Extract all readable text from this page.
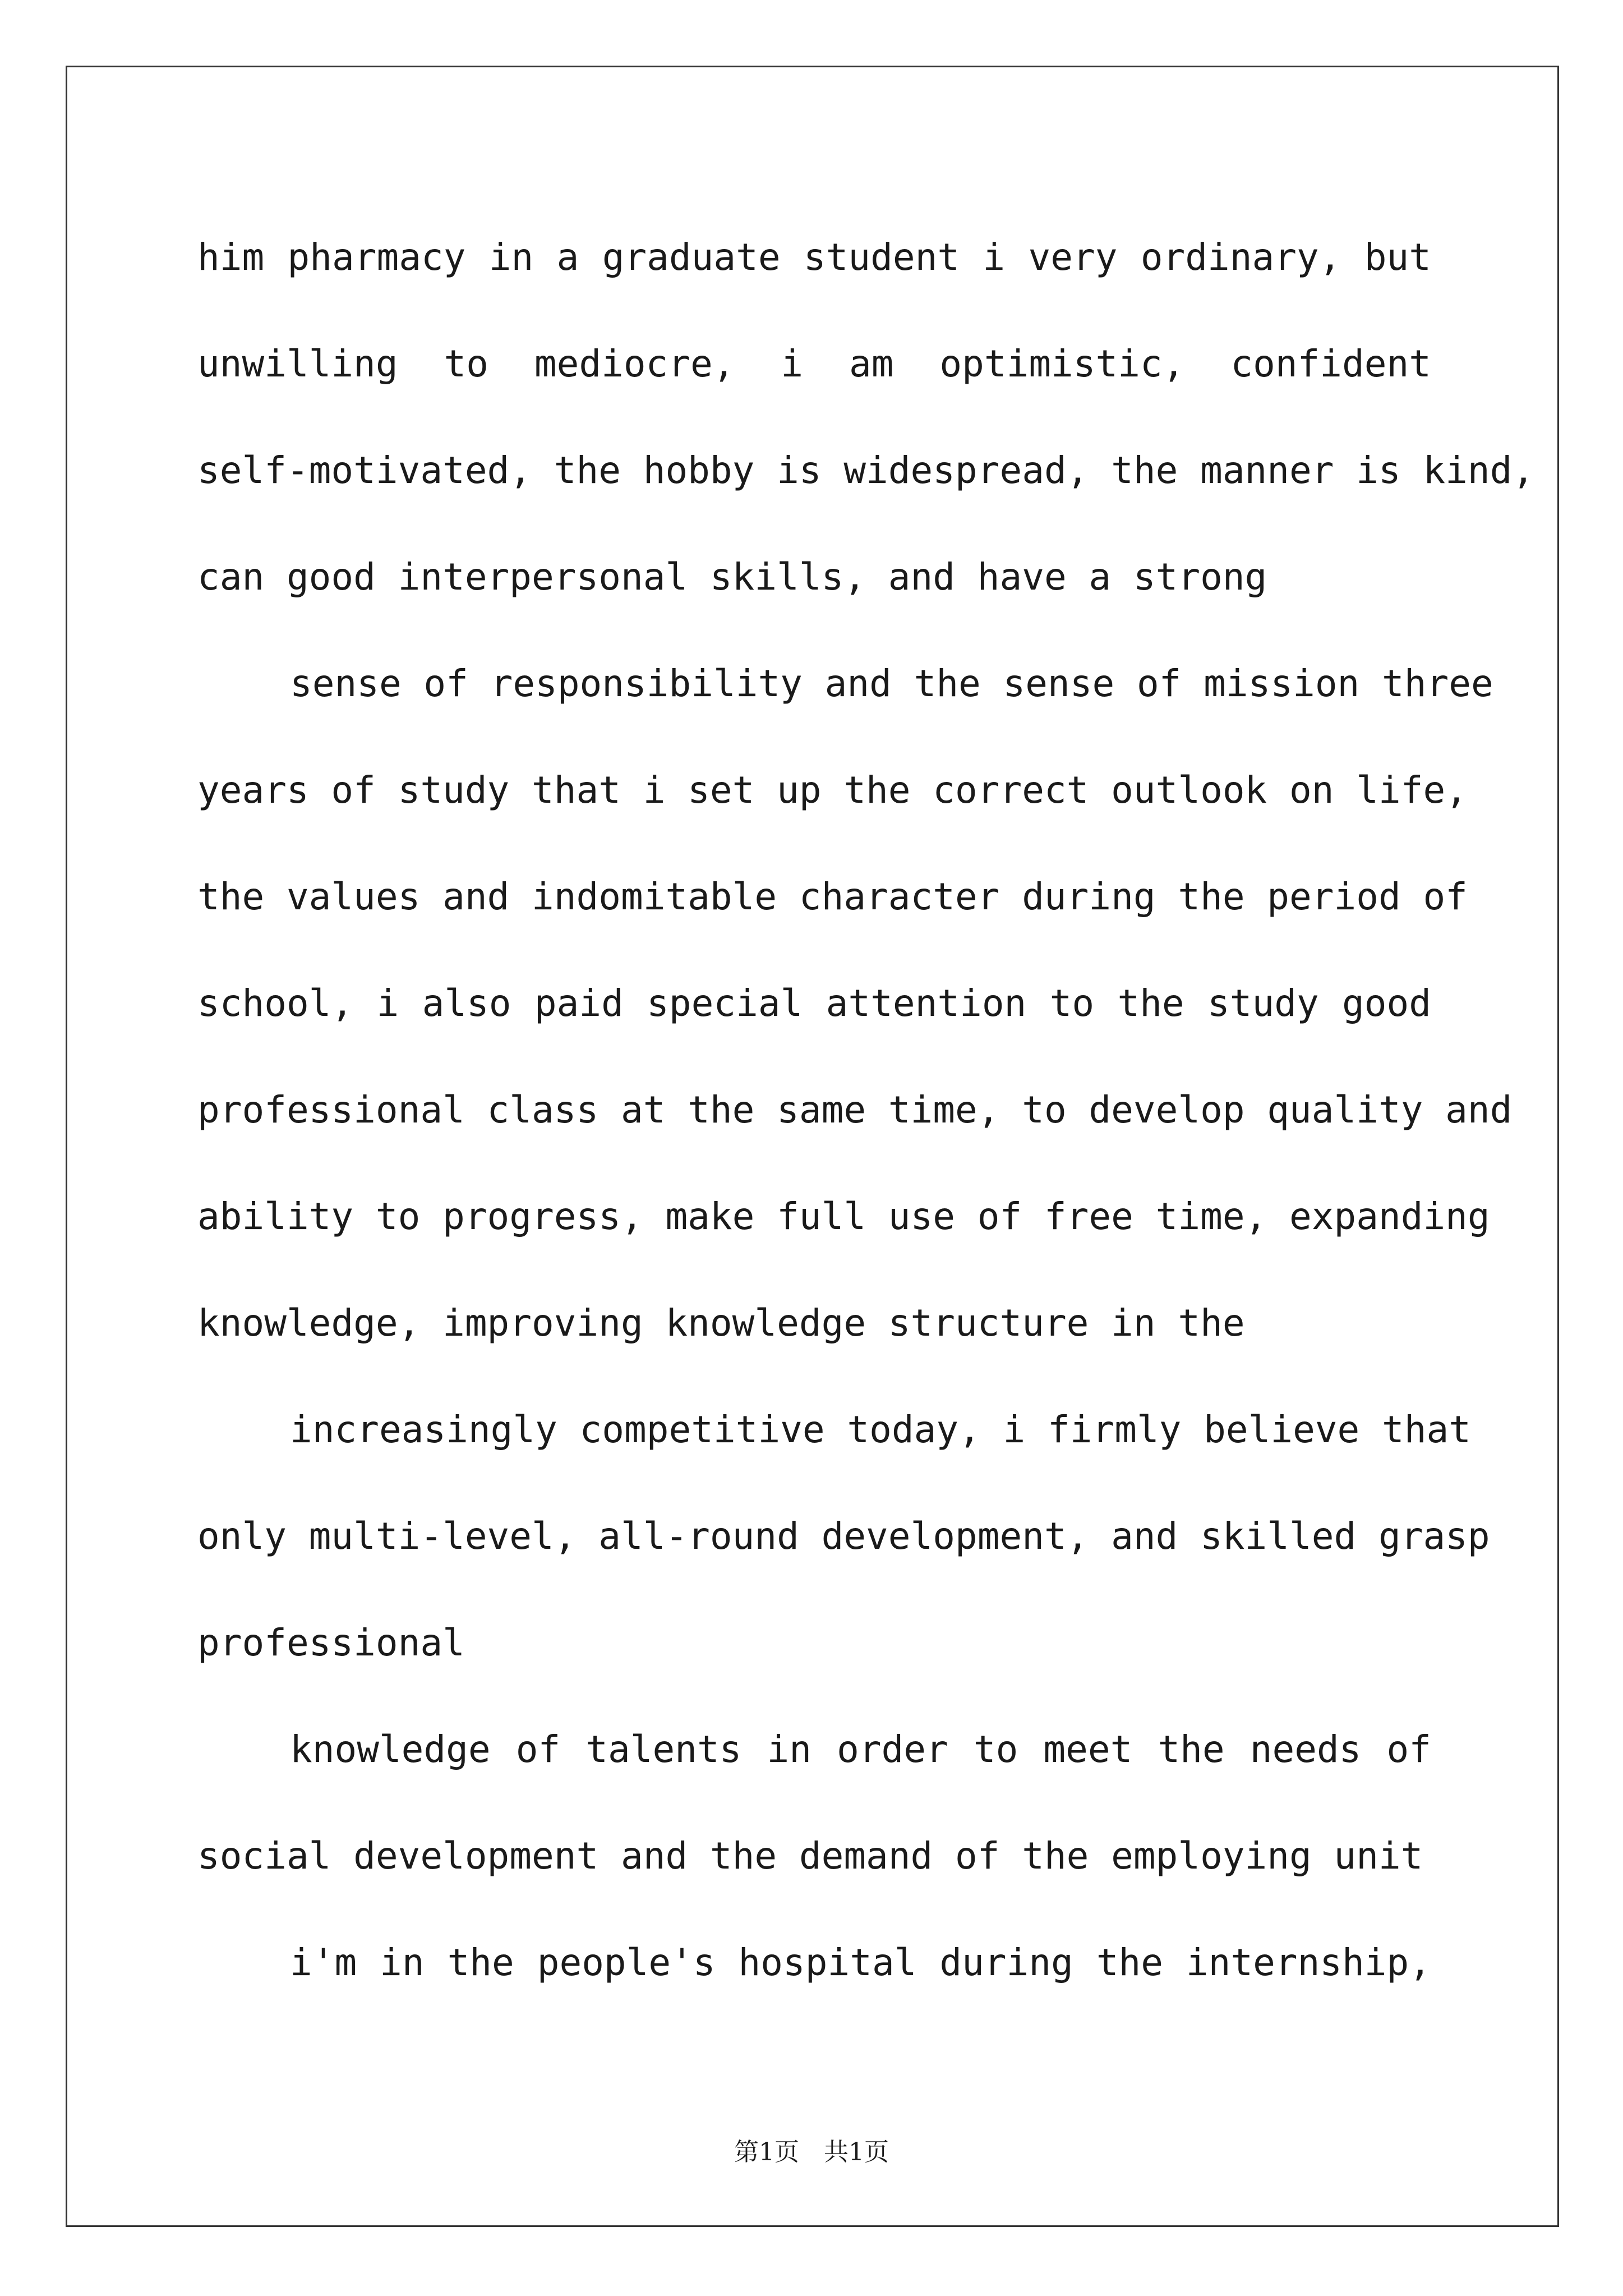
him pharmacy in a graduate student i very ordinary, but
unwilling to mediocre, i am optimistic, confident
self-motivated, the hobby is widespread, the manner is kind,
can good interpersonal skills, and have a strong
sense of responsibility and the sense of mission three
years of study that i set up the correct outlook on life,
the values and indomitable character during the period of
school, i also paid special attention to the study good
professional class at the same time, to develop quality and
ability to progress, make full use of free time, expanding
knowledge, improving knowledge structure in the
increasingly competitive today, i firmly believe that
only multi-level, all-round development, and skilled grasp
professional
knowledge of talents in order to meet the needs of
social development and the demand of the employing unit
i'm in the people's hospital during the internship,
第1页　共1页
